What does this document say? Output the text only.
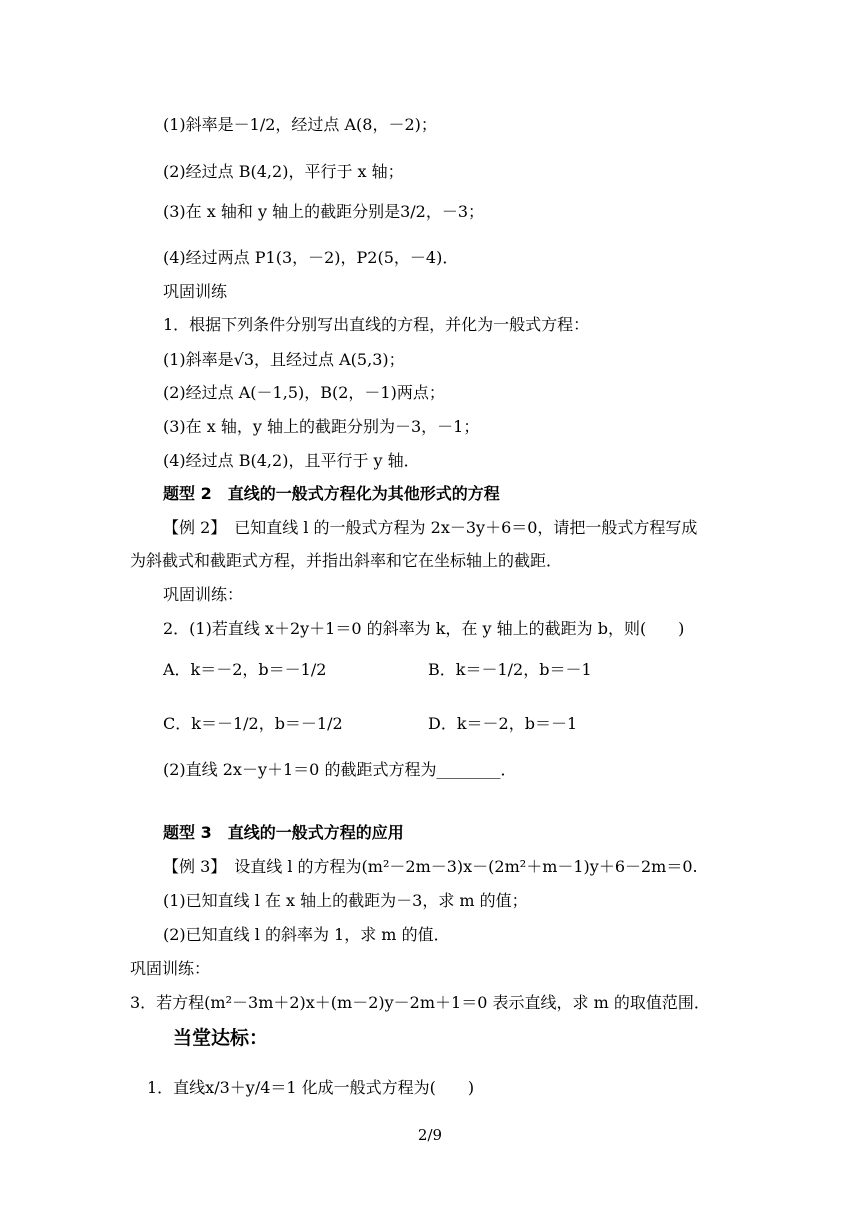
(1)斜率是－1/2，经过点 A(8，－2)；
(2)经过点 B(4,2)，平行于 x 轴；
(3)在 x 轴和 y 轴上的截距分别是3/2，－3；
(4)经过两点 P1(3，－2)，P2(5，－4)．
巩固训练
1．根据下列条件分别写出直线的方程，并化为一般式方程：
(1)斜率是√3，且经过点 A(5,3)；
(2)经过点 A(－1,5)，B(2，－1)两点；
(3)在 x 轴，y 轴上的截距分别为－3，－1；
(4)经过点 B(4,2)，且平行于 y 轴．
题型 2　直线的一般式方程化为其他形式的方程
【例 2】　已知直线 l 的一般式方程为 2x－3y＋6＝0，请把一般式方程写成
为斜截式和截距式方程，并指出斜率和它在坐标轴上的截距．
巩固训练：
2．(1)若直线 x＋2y＋1＝0 的斜率为 k，在 y 轴上的截距为 b，则(　　)
A．k＝－2，b＝－1/2	B．k＝－1/2，b＝－1
C．k＝－1/2，b＝－1/2	D．k＝－2，b＝－1
(2)直线 2x－y＋1＝0 的截距式方程为________．
题型 3　直线的一般式方程的应用
【例 3】　设直线 l 的方程为(m²－2m－3)x－(2m²＋m－1)y＋6－2m＝0.
(1)已知直线 l 在 x 轴上的截距为－3，求 m 的值；
(2)已知直线 l 的斜率为 1，求 m 的值．
巩固训练：
3．若方程(m²－3m＋2)x＋(m－2)y－2m＋1＝0 表示直线，求 m 的取值范围．
当堂达标：
1．直线x/3＋y/4＝1 化成一般式方程为(　　)
2/9
